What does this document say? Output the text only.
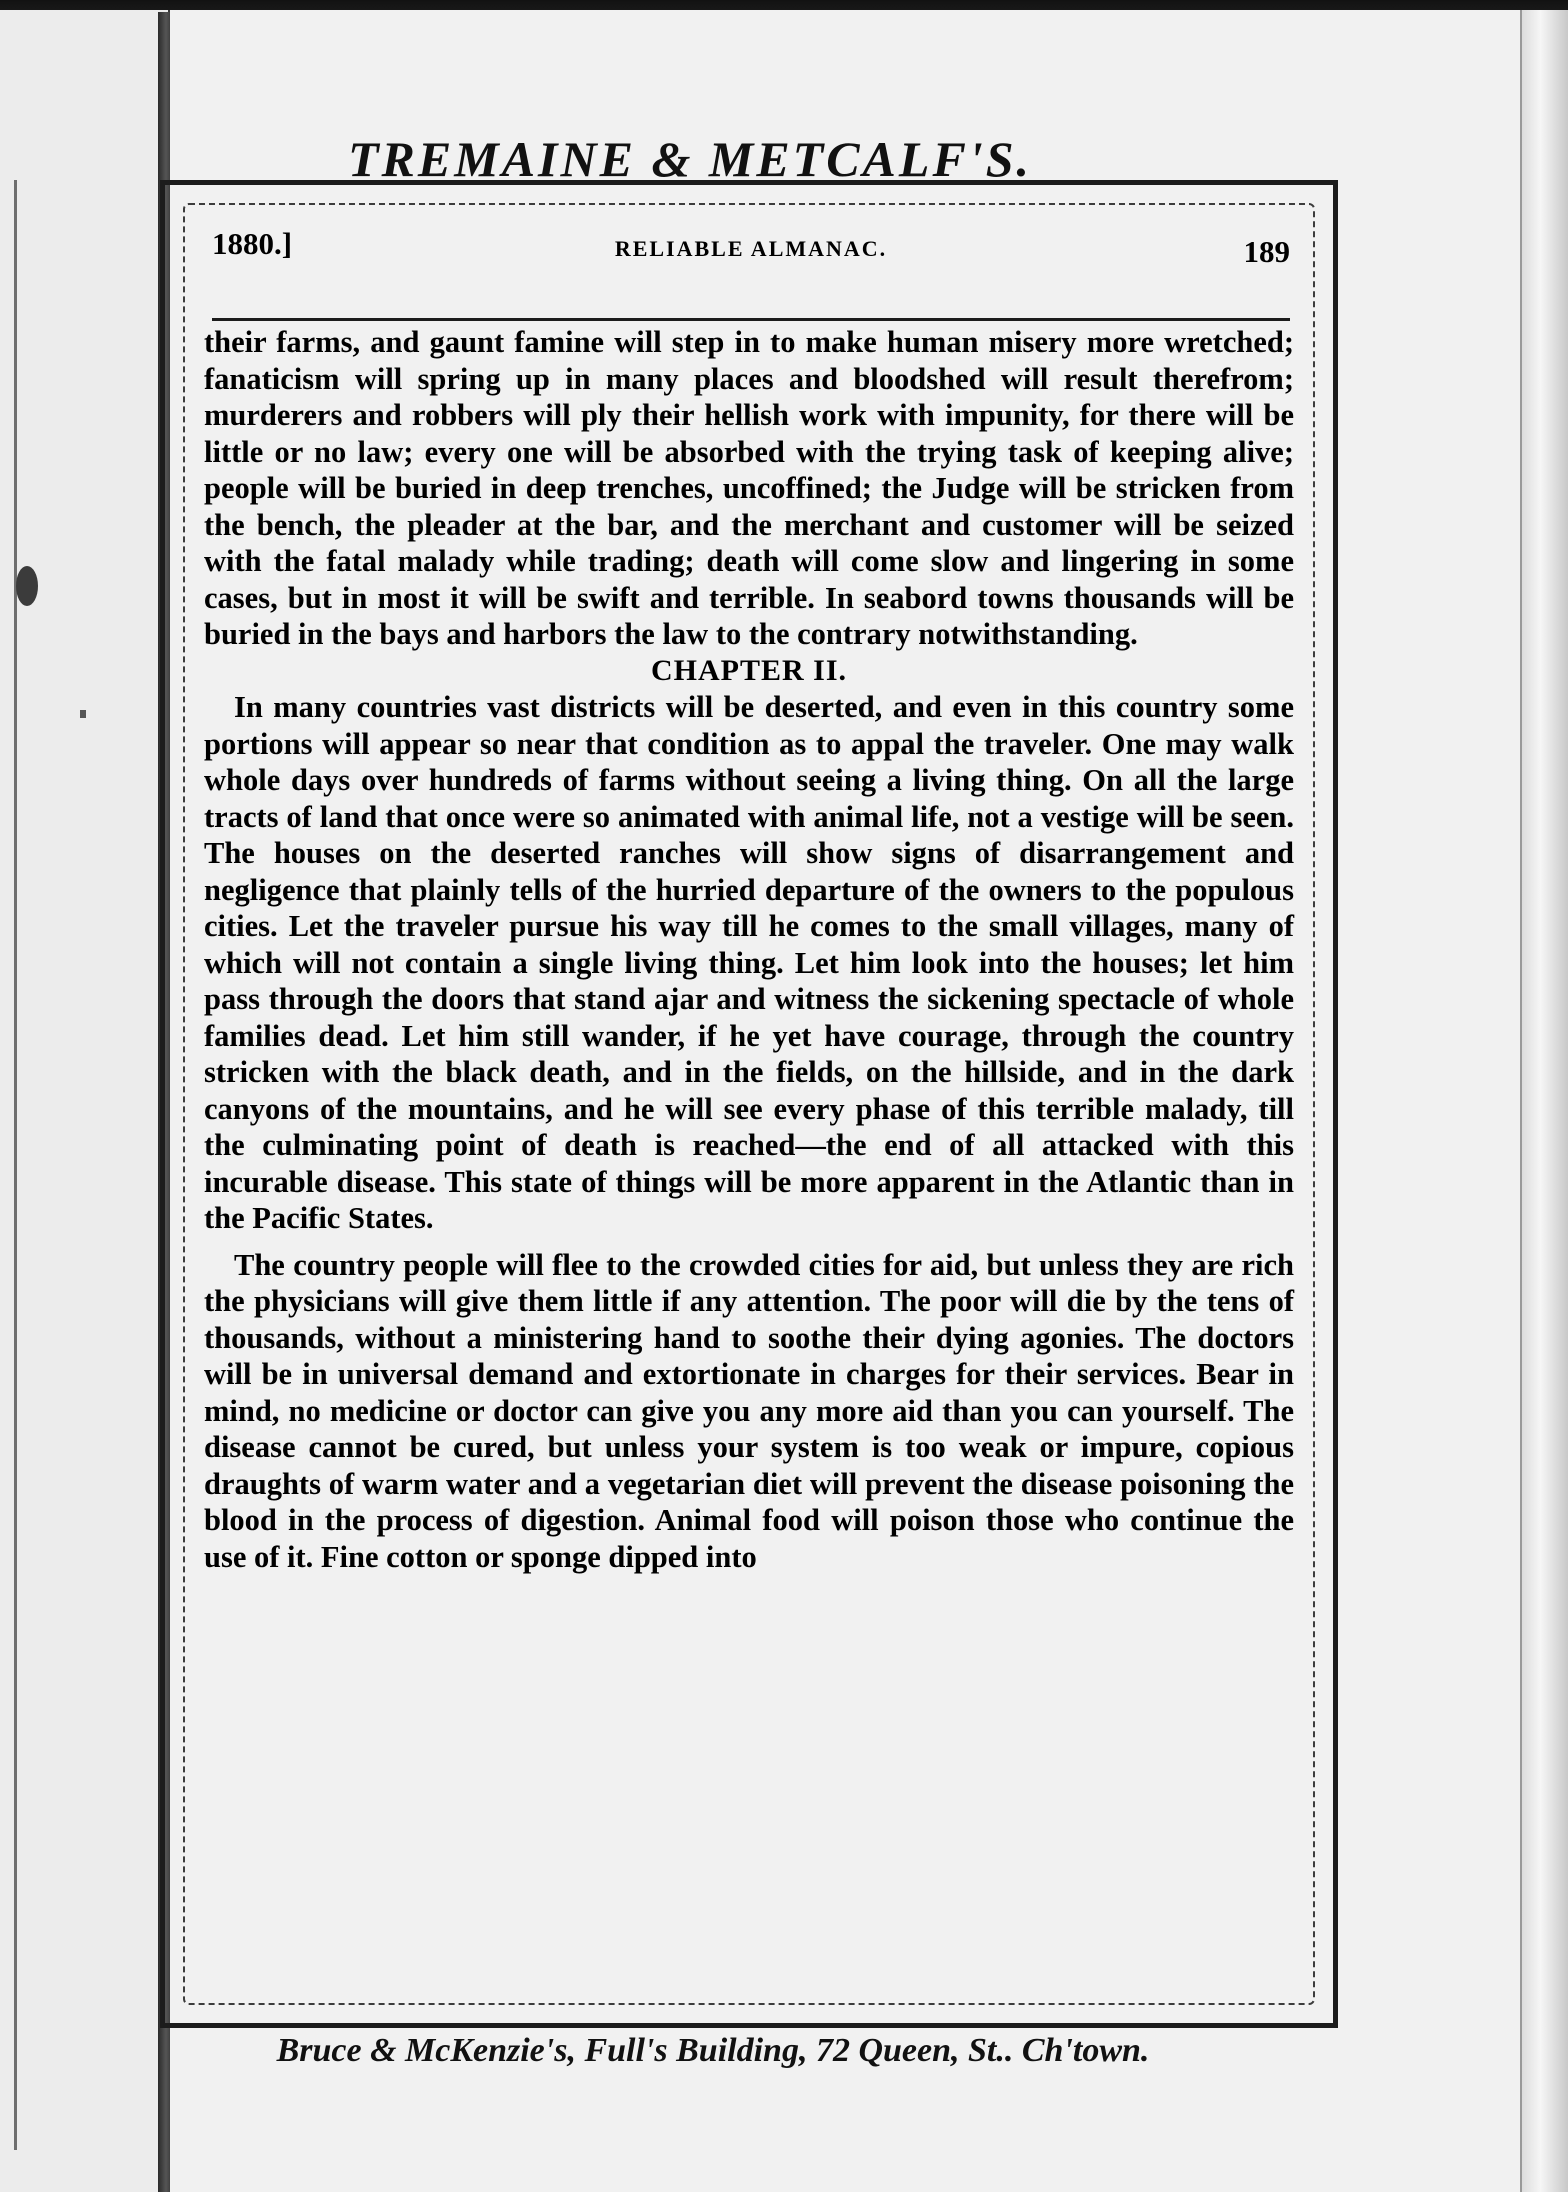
TREMAINE & METCALF'S.
1880.]	RELIABLE ALMANAC.	189

their farms, and gaunt famine will step in to make human misery more wretched; fanaticism will spring up in many places and bloodshed will result therefrom; murderers and robbers will ply their hellish work with impunity, for there will be little or no law; every one will be absorbed with the trying task of keeping alive; people will be buried in deep trenches, uncoffined; the Judge will be stricken from the bench, the pleader at the bar, and the merchant and customer will be seized with the fatal malady while trading; death will come slow and lingering in some cases, but in most it will be swift and terrible. In seabord towns thousands will be buried in the bays and harbors the law to the contrary notwithstanding.

CHAPTER II.

In many countries vast districts will be deserted, and even in this country some portions will appear so near that condition as to appal the traveler. One may walk whole days over hundreds of farms without seeing a living thing. On all the large tracts of land that once were so animated with animal life, not a vestige will be seen. The houses on the deserted ranches will show signs of disarrangement and negligence that plainly tells of the hurried departure of the owners to the populous cities. Let the traveler pursue his way till he comes to the small villages, many of which will not contain a single living thing. Let him look into the houses; let him pass through the doors that stand ajar and witness the sickening spectacle of whole families dead. Let him still wander, if he yet have courage, through the country stricken with the black death, and in the fields, on the hillside, and in the dark canyons of the mountains, and he will see every phase of this terrible malady, till the culminating point of death is reached—the end of all attacked with this incurable disease. This state of things will be more apparent in the Atlantic than in the Pacific States.

The country people will flee to the crowded cities for aid, but unless they are rich the physicians will give them little if any attention. The poor will die by the tens of thousands, without a ministering hand to soothe their dying agonies. The doctors will be in universal demand and extortionate in charges for their services. Bear in mind, no medicine or doctor can give you any more aid than you can yourself. The disease cannot be cured, but unless your system is too weak or impure, copious draughts of warm water and a vegetarian diet will prevent the disease poisoning the blood in the process of digestion. Animal food will poison those who continue the use of it. Fine cotton or sponge dipped into

Bruce & McKenzie's, Full's Building, 72 Queen, St.. Ch'town.
